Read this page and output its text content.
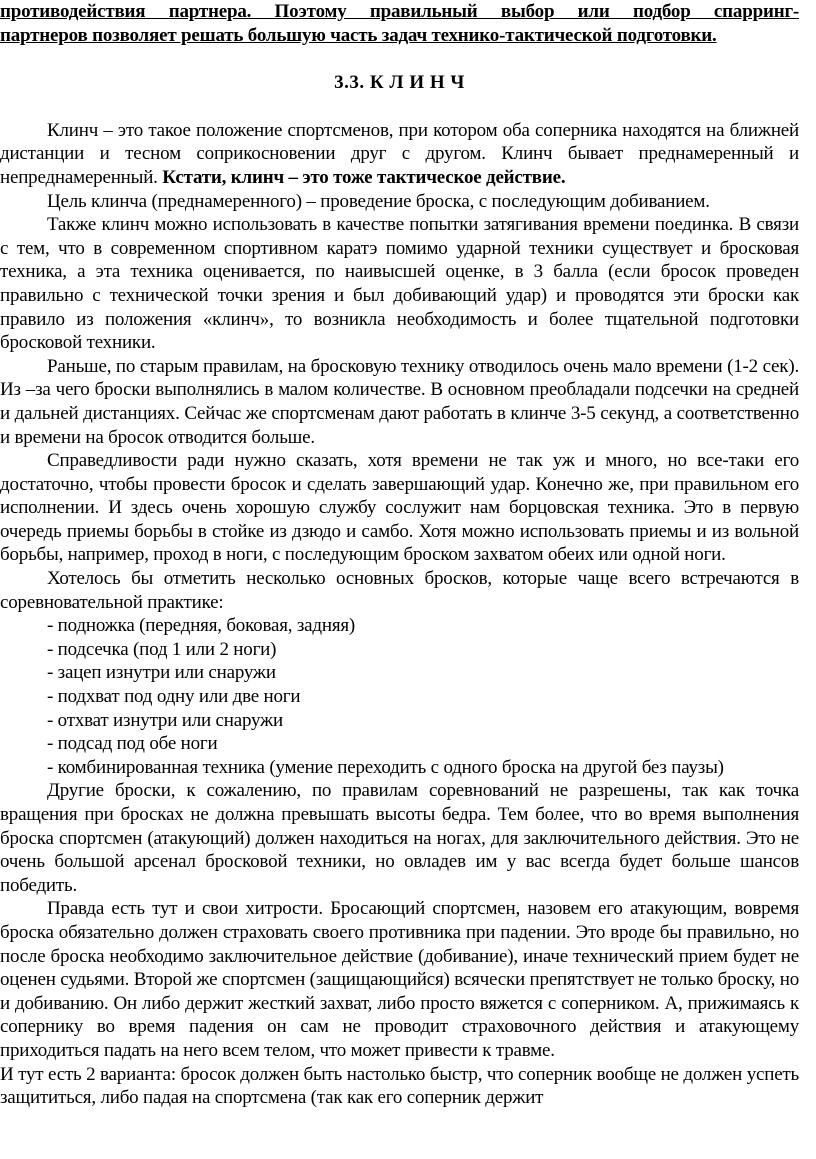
противодействия партнера. Поэтому правильный выбор или подбор спарринг-

партнеров позволяет решать большую часть задач технико-тактической подготовки.

3.3. К Л И Н Ч

Клинч – это такое положение спортсменов, при котором оба соперника находятся на ближней дистанции и тесном соприкосновении друг с другом. Клинч бывает преднамеренный и непреднамеренный. Кстати, клинч – это тоже тактическое действие.

Цель клинча (преднамеренного) – проведение броска, с последующим добиванием.

Также клинч можно использовать в качестве попытки затягивания времени поединка. В связи с тем, что в современном спортивном каратэ помимо ударной техники существует и бросковая техника, а эта техника оценивается, по наивысшей оценке, в 3 балла (если бросок проведен правильно с технической точки зрения и был добивающий удар) и проводятся эти броски как правило из положения «клинч», то возникла необходимость и более тщательной подготовки бросковой техники.

Раньше, по старым правилам, на бросковую технику отводилось очень мало времени (1-2 сек). Из –за чего броски выполнялись в малом количестве. В основном преобладали подсечки на средней и дальней дистанциях. Сейчас же спортсменам дают работать в клинче 3-5 секунд, а соответственно и времени на бросок отводится больше.

Справедливости ради нужно сказать, хотя времени не так уж и много, но все-таки его достаточно, чтобы провести бросок и сделать завершающий удар. Конечно же, при правильном его исполнении. И здесь очень хорошую службу сослужит нам борцовская техника. Это в первую очередь приемы борьбы в стойке из дзюдо и самбо. Хотя можно использовать приемы и из вольной борьбы, например, проход в ноги, с последующим броском захватом обеих или одной ноги.

Хотелось бы отметить несколько основных бросков, которые чаще всего встречаются в соревновательной практике:

- подножка (передняя, боковая, задняя)

- подсечка (под 1 или 2 ноги)

- зацеп изнутри или снаружи

- подхват под одну или две ноги

- отхват изнутри или снаружи

- подсад под обе ноги

- комбинированная техника (умение переходить с одного броска на другой без паузы)

Другие броски, к сожалению, по правилам соревнований не разрешены, так как точка вращения при бросках не должна превышать высоты бедра. Тем более, что во время выполнения броска спортсмен (атакующий) должен находиться на ногах, для заключительного действия. Это не очень большой арсенал бросковой техники, но овладев им у вас всегда будет больше шансов победить.

Правда есть тут и свои хитрости. Бросающий спортсмен, назовем его атакующим, вовремя броска обязательно должен страховать своего противника при падении. Это вроде бы правильно, но после броска необходимо заключительное действие (добивание), иначе технический прием будет не оценен судьями. Второй же спортсмен (защищающийся) всячески препятствует не только броску, но и добиванию. Он либо держит жесткий захват, либо просто вяжется с соперником. А, прижимаясь к сопернику во время падения он сам не проводит страховочного действия и атакующему приходиться падать на него всем телом, что может привести к травме.

И тут есть 2 варианта: бросок должен быть настолько быстр, что соперник вообще не должен успеть защититься, либо падая на спортсмена (так как его соперник держит
